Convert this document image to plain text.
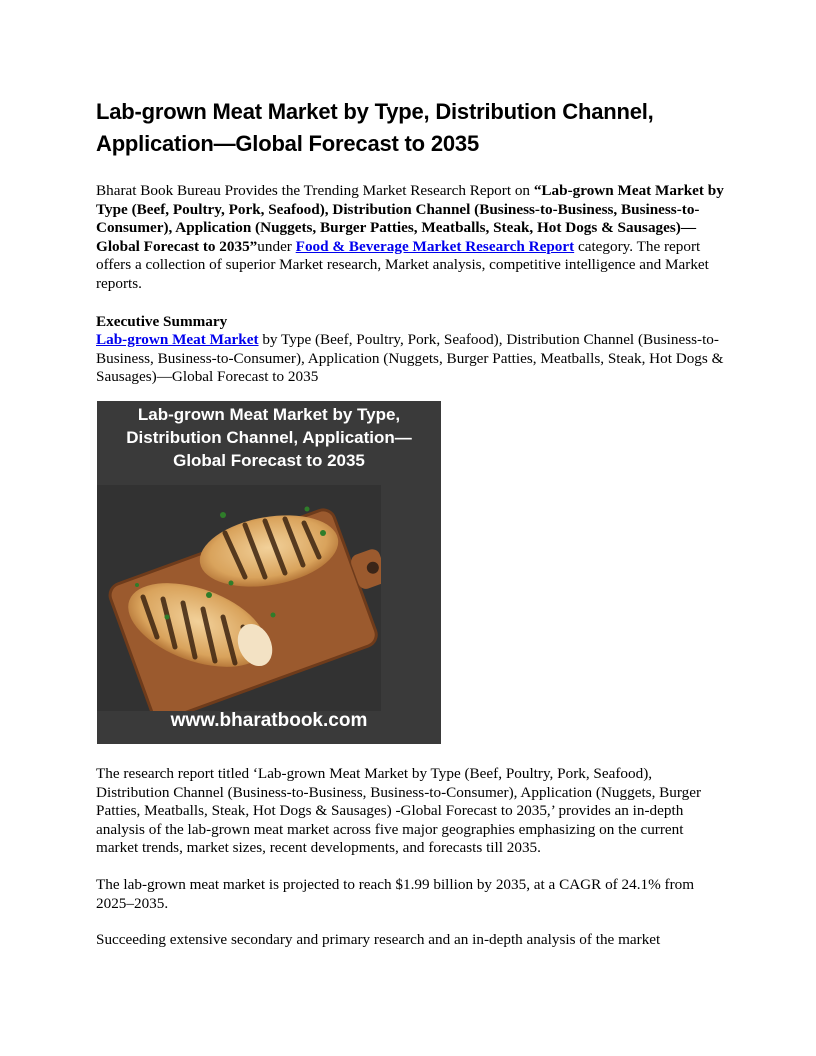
Lab-grown Meat Market by Type, Distribution Channel, Application—Global Forecast to 2035

Bharat Book Bureau Provides the Trending Market Research Report on “Lab-grown Meat Market by Type (Beef, Poultry, Pork, Seafood), Distribution Channel (Business-to-Business, Business-to-Consumer), Application (Nuggets, Burger Patties, Meatballs, Steak, Hot Dogs & Sausages)—Global Forecast to 2035”under Food & Beverage Market Research Report category. The report offers a collection of superior Market research, Market analysis, competitive intelligence and Market reports.

Executive Summary

Lab-grown Meat Market by Type (Beef, Poultry, Pork, Seafood), Distribution Channel (Business-to-Business, Business-to-Consumer), Application (Nuggets, Burger Patties, Meatballs, Steak, Hot Dogs & Sausages)—Global Forecast to 2035

Lab-grown Meat Market by Type,
Distribution Channel, Application—
Global Forecast to 2035
www.bharatbook.com

The research report titled ‘Lab-grown Meat Market by Type (Beef, Poultry, Pork, Seafood), Distribution Channel (Business-to-Business, Business-to-Consumer), Application (Nuggets, Burger Patties, Meatballs, Steak, Hot Dogs & Sausages) -Global Forecast to 2035,’ provides an in-depth analysis of the lab-grown meat market across five major geographies emphasizing on the current market trends, market sizes, recent developments, and forecasts till 2035.

The lab-grown meat market is projected to reach $1.99 billion by 2035, at a CAGR of 24.1% from 2025–2035.

Succeeding extensive secondary and primary research and an in-depth analysis of the market
